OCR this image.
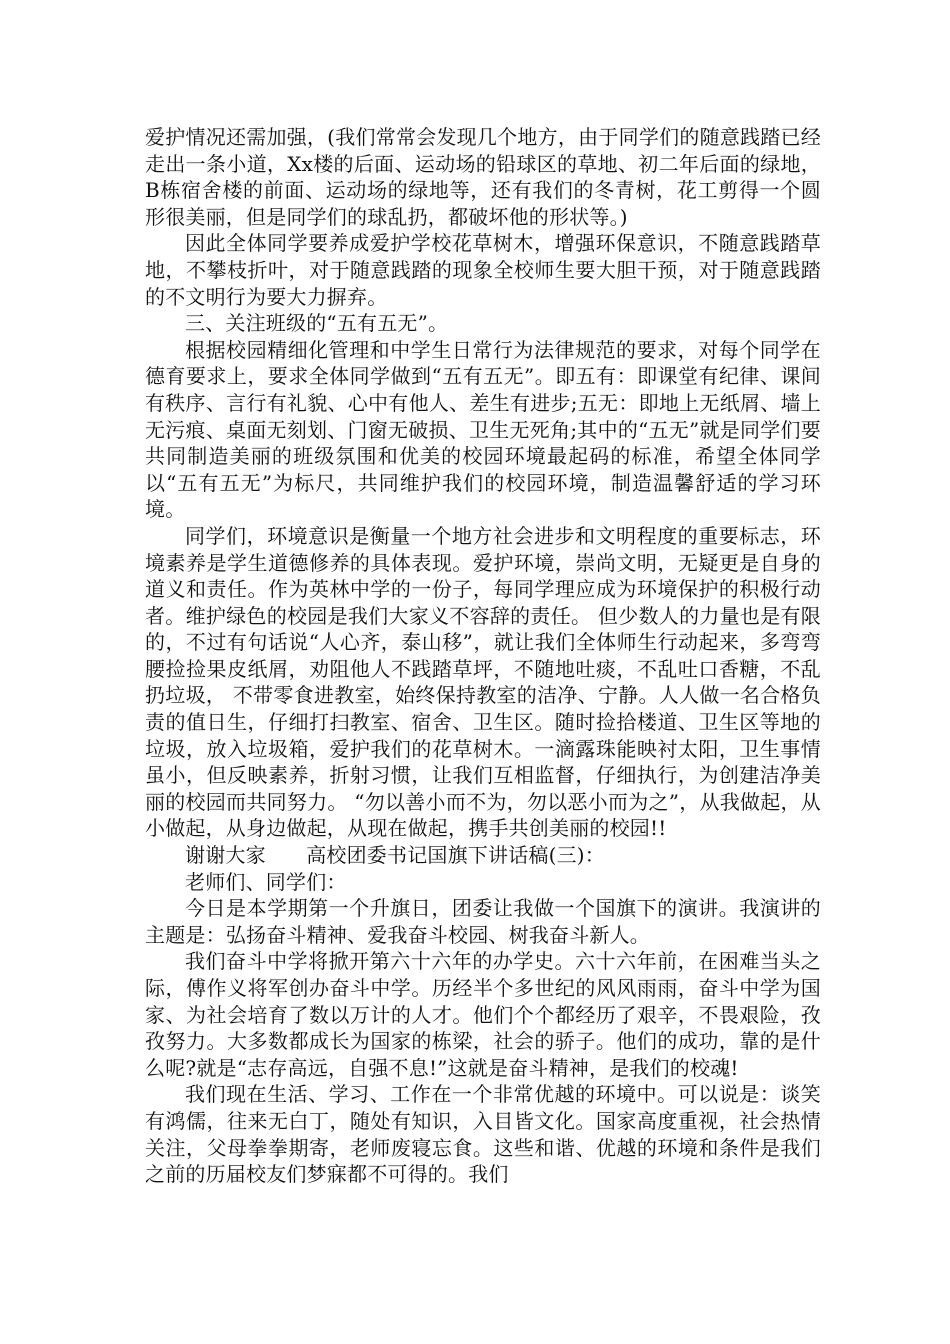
爱护情况还需加强，(我们常常会发现几个地方，由于同学们的随意践踏已经走出一条小道，Xx楼的后面、运动场的铅球区的草地、初二年后面的绿地，B栋宿舍楼的前面、运动场的绿地等，还有我们的冬青树，花工剪得一个圆形很美丽，但是同学们的球乱扔，都破坏他的形状等。)

因此全体同学要养成爱护学校花草树木，增强环保意识，不随意践踏草地，不攀枝折叶，对于随意践踏的现象全校师生要大胆干预，对于随意践踏的不文明行为要大力摒弃。

三、关注班级的“五有五无”。

根据校园精细化管理和中学生日常行为法律规范的要求，对每个同学在德育要求上，要求全体同学做到“五有五无”。即五有：即课堂有纪律、课间有秩序、言行有礼貌、心中有他人、差生有进步;五无：即地上无纸屑、墙上无污痕、桌面无刻划、门窗无破损、卫生无死角;其中的“五无”就是同学们要共同制造美丽的班级氛围和优美的校园环境最起码的标准，希望全体同学以“五有五无”为标尺，共同维护我们的校园环境，制造温馨舒适的学习环境。

同学们，环境意识是衡量一个地方社会进步和文明程度的重要标志，环境素养是学生道德修养的具体表现。爱护环境，崇尚文明，无疑更是自身的道义和责任。作为英林中学的一份子，每同学理应成为环境保护的积极行动者。维护绿色的校园是我们大家义不容辞的责任。 但少数人的力量也是有限的，不过有句话说“人心齐，泰山移”，就让我们全体师生行动起来，多弯弯腰捡捡果皮纸屑，劝阻他人不践踏草坪，不随地吐痰，不乱吐口香糖，不乱扔垃圾， 不带零食进教室，始终保持教室的洁净、宁静。人人做一名合格负责的值日生，仔细打扫教室、宿舍、卫生区。随时捡拾楼道、卫生区等地的垃圾，放入垃圾箱，爱护我们的花草树木。一滴露珠能映衬太阳，卫生事情虽小，但反映素养，折射习惯，让我们互相监督，仔细执行，为创建洁净美丽的校园而共同努力。 “勿以善小而不为，勿以恶小而为之”，从我做起，从小做起，从身边做起，从现在做起，携手共创美丽的校园!!

谢谢大家　　高校团委书记国旗下讲话稿(三)：

老师们、同学们：

今日是本学期第一个升旗日，团委让我做一个国旗下的演讲。我演讲的主题是：弘扬奋斗精神、爱我奋斗校园、树我奋斗新人。

我们奋斗中学将掀开第六十六年的办学史。六十六年前，在困难当头之际，傅作义将军创办奋斗中学。历经半个多世纪的风风雨雨，奋斗中学为国家、为社会培育了数以万计的人才。他们个个都经历了艰辛，不畏艰险，孜孜努力。大多数都成长为国家的栋梁，社会的骄子。他们的成功，靠的是什么呢?就是“志存高远，自强不息!”这就是奋斗精神，是我们的校魂!

我们现在生活、学习、工作在一个非常优越的环境中。可以说是：谈笑有鸿儒，往来无白丁，随处有知识，入目皆文化。国家高度重视，社会热情关注，父母拳拳期寄，老师废寝忘食。这些和谐、优越的环境和条件是我们之前的历届校友们梦寐都不可得的。我们
